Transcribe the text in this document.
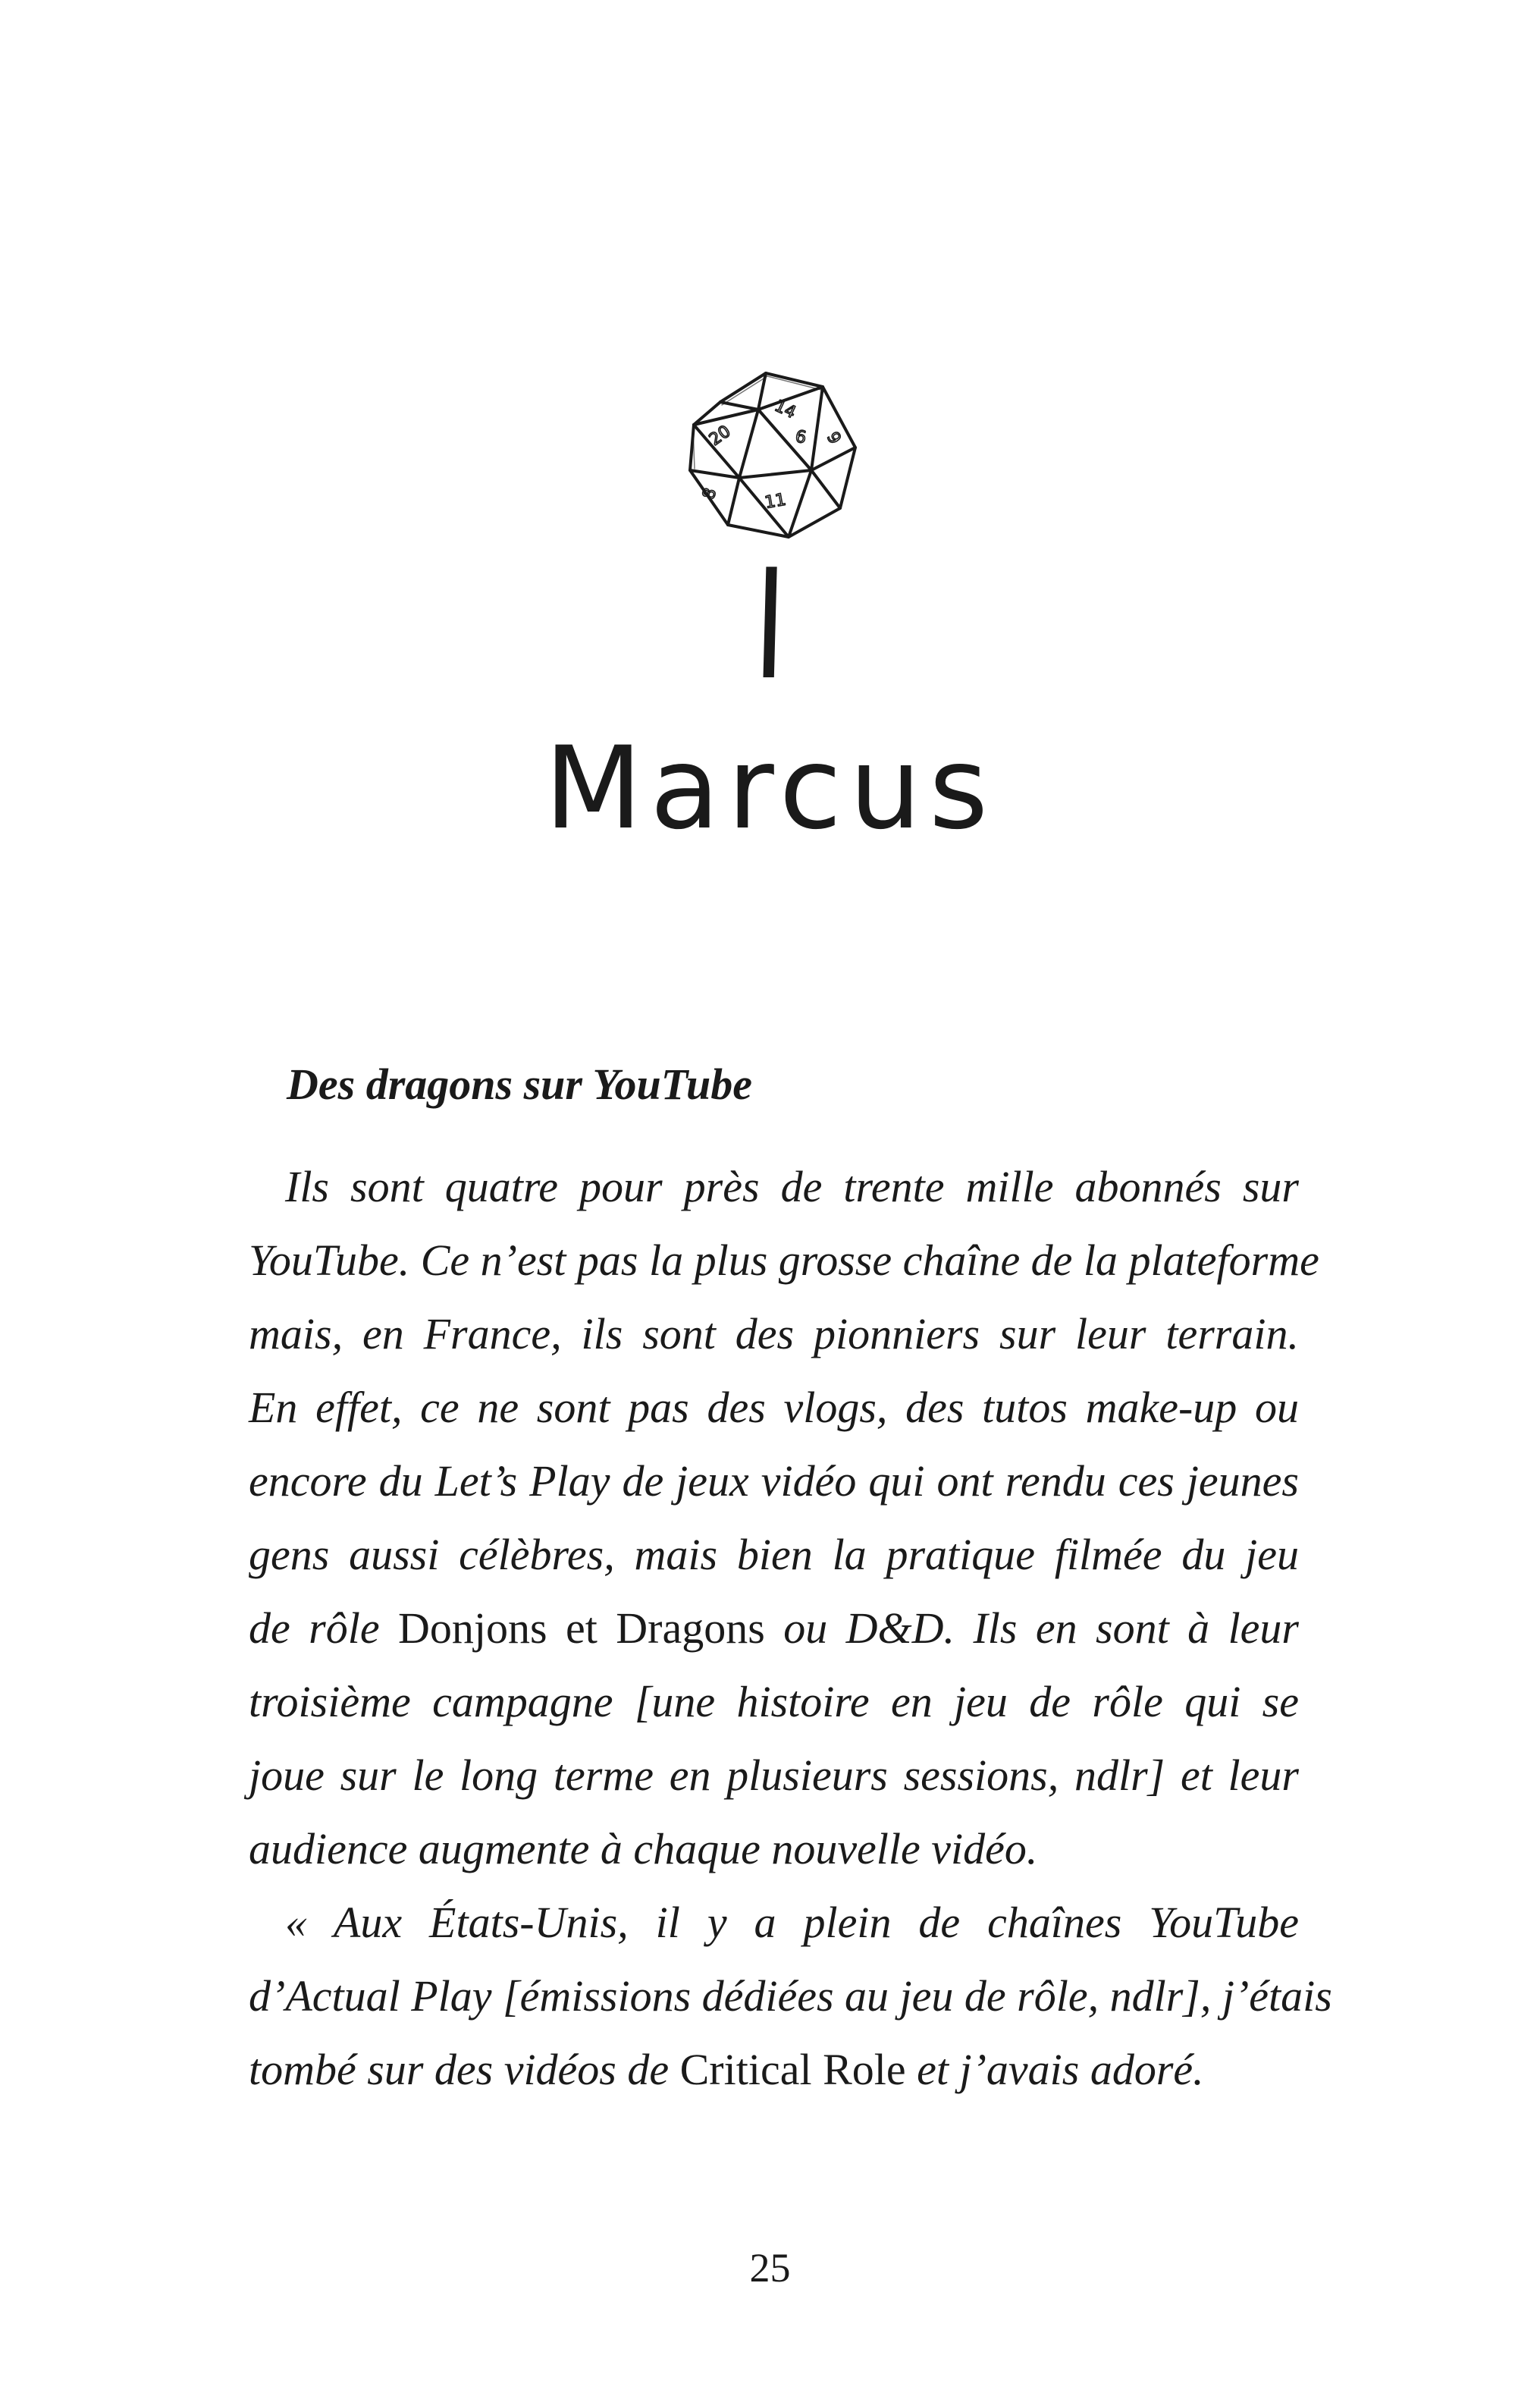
20
14
6 9
8	11
I
Marcus
Des dragons sur YouTube
Ils sont quatre pour près de trente mille abonnés sur
YouTube. Ce n’est pas la plus grosse chaîne de la plateforme
mais, en France, ils sont des pionniers sur leur terrain.
En effet, ce ne sont pas des vlogs, des tutos make-up ou
encore du Let’s Play de jeux vidéo qui ont rendu ces jeunes
gens aussi célèbres, mais bien la pratique filmée du jeu
de rôle Donjons et Dragons ou D&D. Ils en sont à leur
troisième campagne [une histoire en jeu de rôle qui se
joue sur le long terme en plusieurs sessions, ndlr] et leur
audience augmente à chaque nouvelle vidéo.
« Aux États-Unis, il y a plein de chaînes YouTube
d’Actual Play [émissions dédiées au jeu de rôle, ndlr], j’étais
tombé sur des vidéos de Critical Role et j’avais adoré.
25
